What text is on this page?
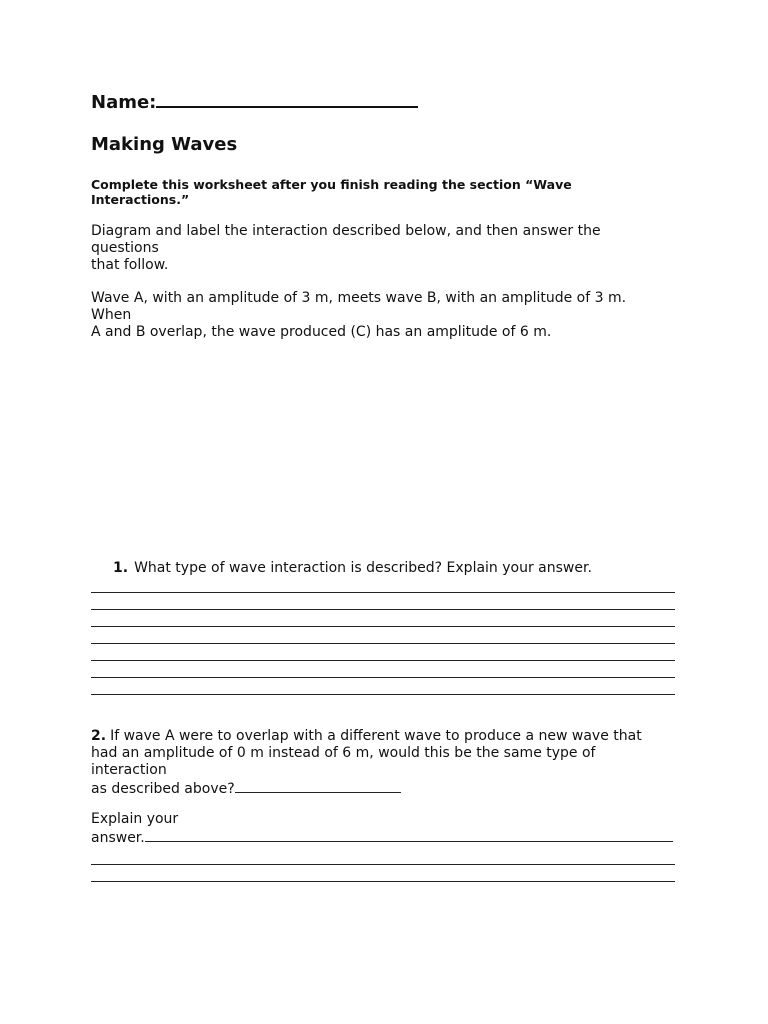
Name:
Making Waves
Complete this worksheet after you finish reading the section “Wave Interactions.”
Diagram and label the interaction described below, and then answer the
questions
that follow.
Wave A, with an amplitude of 3 m, meets wave B, with an amplitude of 3 m.
When
A and B overlap, the wave produced (C) has an amplitude of 6 m.
1. What type of wave interaction is described? Explain your answer.
2. If wave A were to overlap with a different wave to produce a new wave that
had an amplitude of 0 m instead of 6 m, would this be the same type of
interaction
as described above?
Explain your
answer.
